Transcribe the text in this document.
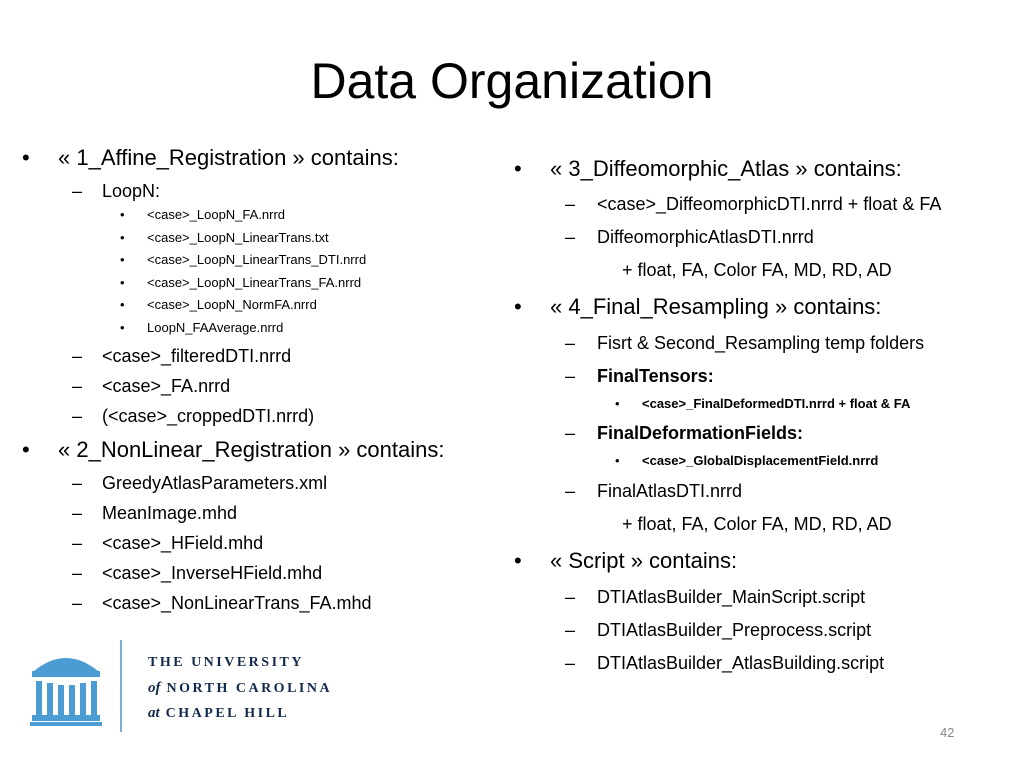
Data Organization
• « 1_Affine_Registration » contains:
– LoopN:
• <case>_LoopN_FA.nrrd
• <case>_LoopN_LinearTrans.txt
• <case>_LoopN_LinearTrans_DTI.nrrd
• <case>_LoopN_LinearTrans_FA.nrrd
• <case>_LoopN_NormFA.nrrd
• LoopN_FAAverage.nrrd
– <case>_filteredDTI.nrrd
– <case>_FA.nrrd
– (<case>_croppedDTI.nrrd)
• « 2_NonLinear_Registration » contains:
– GreedyAtlasParameters.xml
– MeanImage.mhd
– <case>_HField.mhd
– <case>_InverseHField.mhd
– <case>_NonLinearTrans_FA.mhd
• « 3_Diffeomorphic_Atlas » contains:
– <case>_DiffeomorphicDTI.nrrd + float & FA
– DiffeomorphicAtlasDTI.nrrd
+ float, FA, Color FA, MD, RD, AD
• « 4_Final_Resampling » contains:
– Fisrt & Second_Resampling temp folders
– FinalTensors:
• <case>_FinalDeformedDTI.nrrd + float & FA
– FinalDeformationFields:
• <case>_GlobalDisplacementField.nrrd
– FinalAtlasDTI.nrrd
+ float, FA, Color FA, MD, RD, AD
• « Script » contains:
– DTIAtlasBuilder_MainScript.script
– DTIAtlasBuilder_Preprocess.script
– DTIAtlasBuilder_AtlasBuilding.script
THE UNIVERSITY
of NORTH CAROLINA
at CHAPEL HILL
42
